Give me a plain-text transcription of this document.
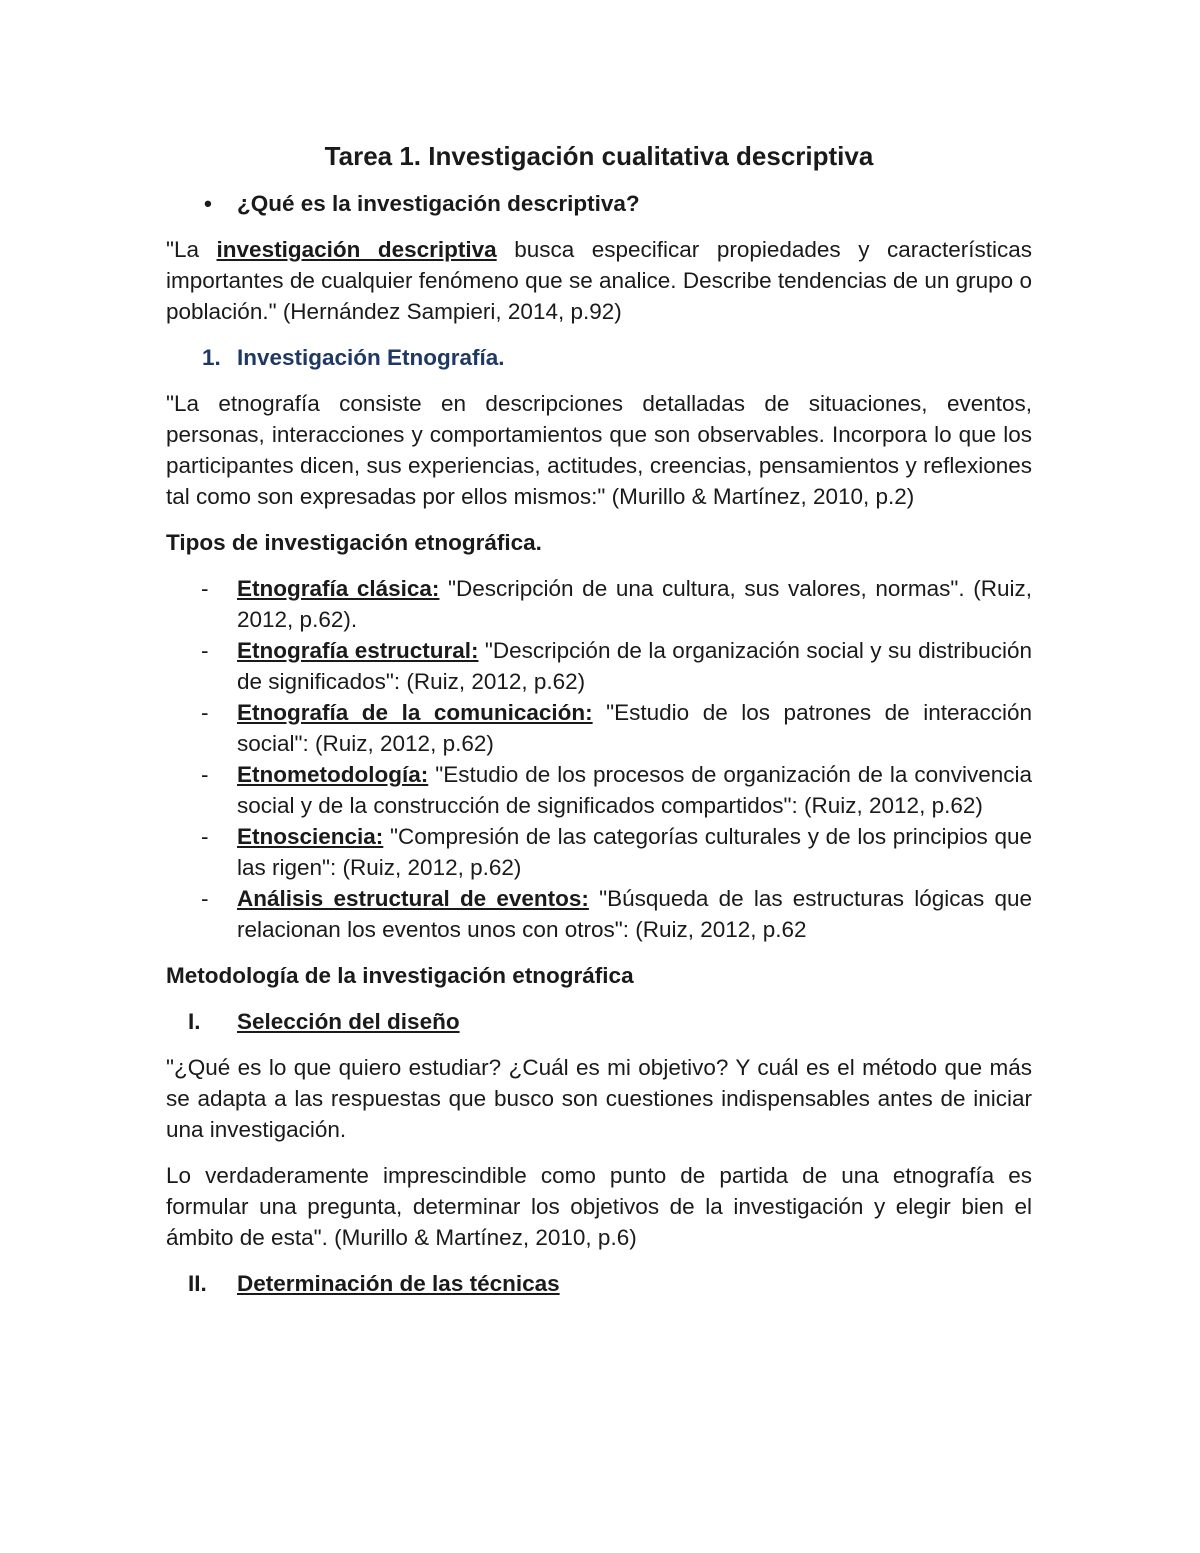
Tarea 1. Investigación cualitativa descriptiva
• ¿Qué es la investigación descriptiva?

"La investigación descriptiva busca especificar propiedades y características importantes de cualquier fenómeno que se analice. Describe tendencias de un grupo o población." (Hernández Sampieri, 2014, p.92)

1. Investigación Etnografía.

"La etnografía consiste en descripciones detalladas de situaciones, eventos, personas, interacciones y comportamientos que son observables. Incorpora lo que los participantes dicen, sus experiencias, actitudes, creencias, pensamientos y reflexiones tal como son expresadas por ellos mismos:" (Murillo & Martínez, 2010, p.2)

Tipos de investigación etnográfica.
- Etnografía clásica: "Descripción de una cultura, sus valores, normas". (Ruiz, 2012, p.62).
- Etnografía estructural: "Descripción de la organización social y su distribución de significados": (Ruiz, 2012, p.62)
- Etnografía de la comunicación: "Estudio de los patrones de interacción social": (Ruiz, 2012, p.62)
- Etnometodología: "Estudio de los procesos de organización de la convivencia social y de la construcción de significados compartidos": (Ruiz, 2012, p.62)
- Etnosciencia: "Compresión de las categorías culturales y de los principios que las rigen": (Ruiz, 2012, p.62)
- Análisis estructural de eventos: "Búsqueda de las estructuras lógicas que relacionan los eventos unos con otros": (Ruiz, 2012, p.62
Metodología de la investigación etnográfica
I. Selección del diseño

"¿Qué es lo que quiero estudiar? ¿Cuál es mi objetivo? Y cuál es el método que más se adapta a las respuestas que busco son cuestiones indispensables antes de iniciar una investigación.

Lo verdaderamente imprescindible como punto de partida de una etnografía es formular una pregunta, determinar los objetivos de la investigación y elegir bien el ámbito de esta". (Murillo & Martínez, 2010, p.6)

II. Determinación de las técnicas
